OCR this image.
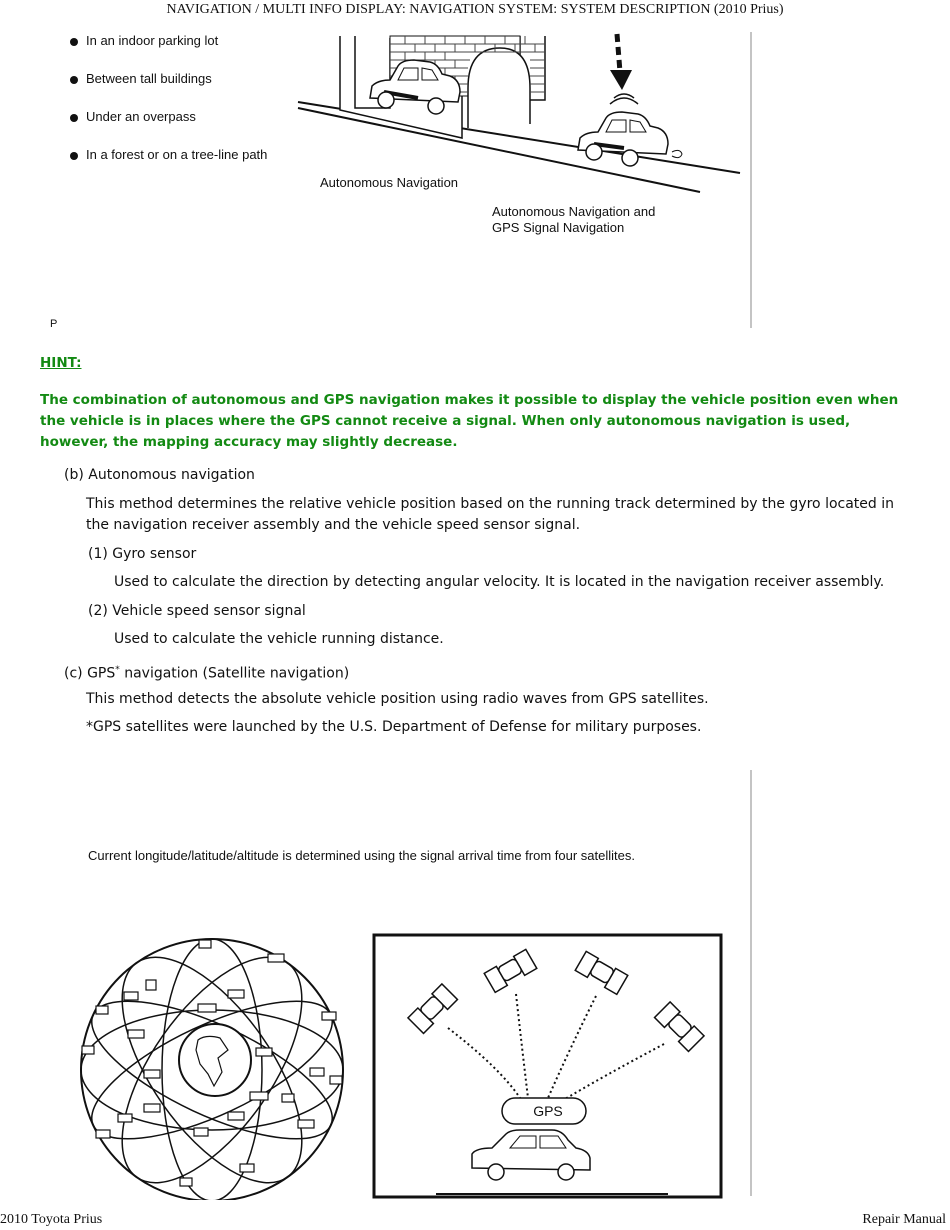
NAVIGATION / MULTI INFO DISPLAY: NAVIGATION SYSTEM: SYSTEM DESCRIPTION (2010 Prius)
In an indoor parking lot
Between tall buildings
Under an overpass
In a forest or on a tree-line path
Autonomous Navigation
Autonomous Navigation and
GPS Signal Navigation
P
HINT:
The combination of autonomous and GPS navigation makes it possible to display the vehicle position even when the vehicle is in places where the GPS cannot receive a signal. When only autonomous navigation is used, however, the mapping accuracy may slightly decrease.
(b) Autonomous navigation
This method determines the relative vehicle position based on the running track determined by the gyro located in the navigation receiver assembly and the vehicle speed sensor signal.
(1) Gyro sensor
Used to calculate the direction by detecting angular velocity. It is located in the navigation receiver assembly.
(2) Vehicle speed sensor signal
Used to calculate the vehicle running distance.
(c) GPS* navigation (Satellite navigation)
This method detects the absolute vehicle position using radio waves from GPS satellites.
*GPS satellites were launched by the U.S. Department of Defense for military purposes.
Current longitude/latitude/altitude is determined using the signal arrival time from four satellites.
GPS
2010 Toyota Prius	Repair Manual
